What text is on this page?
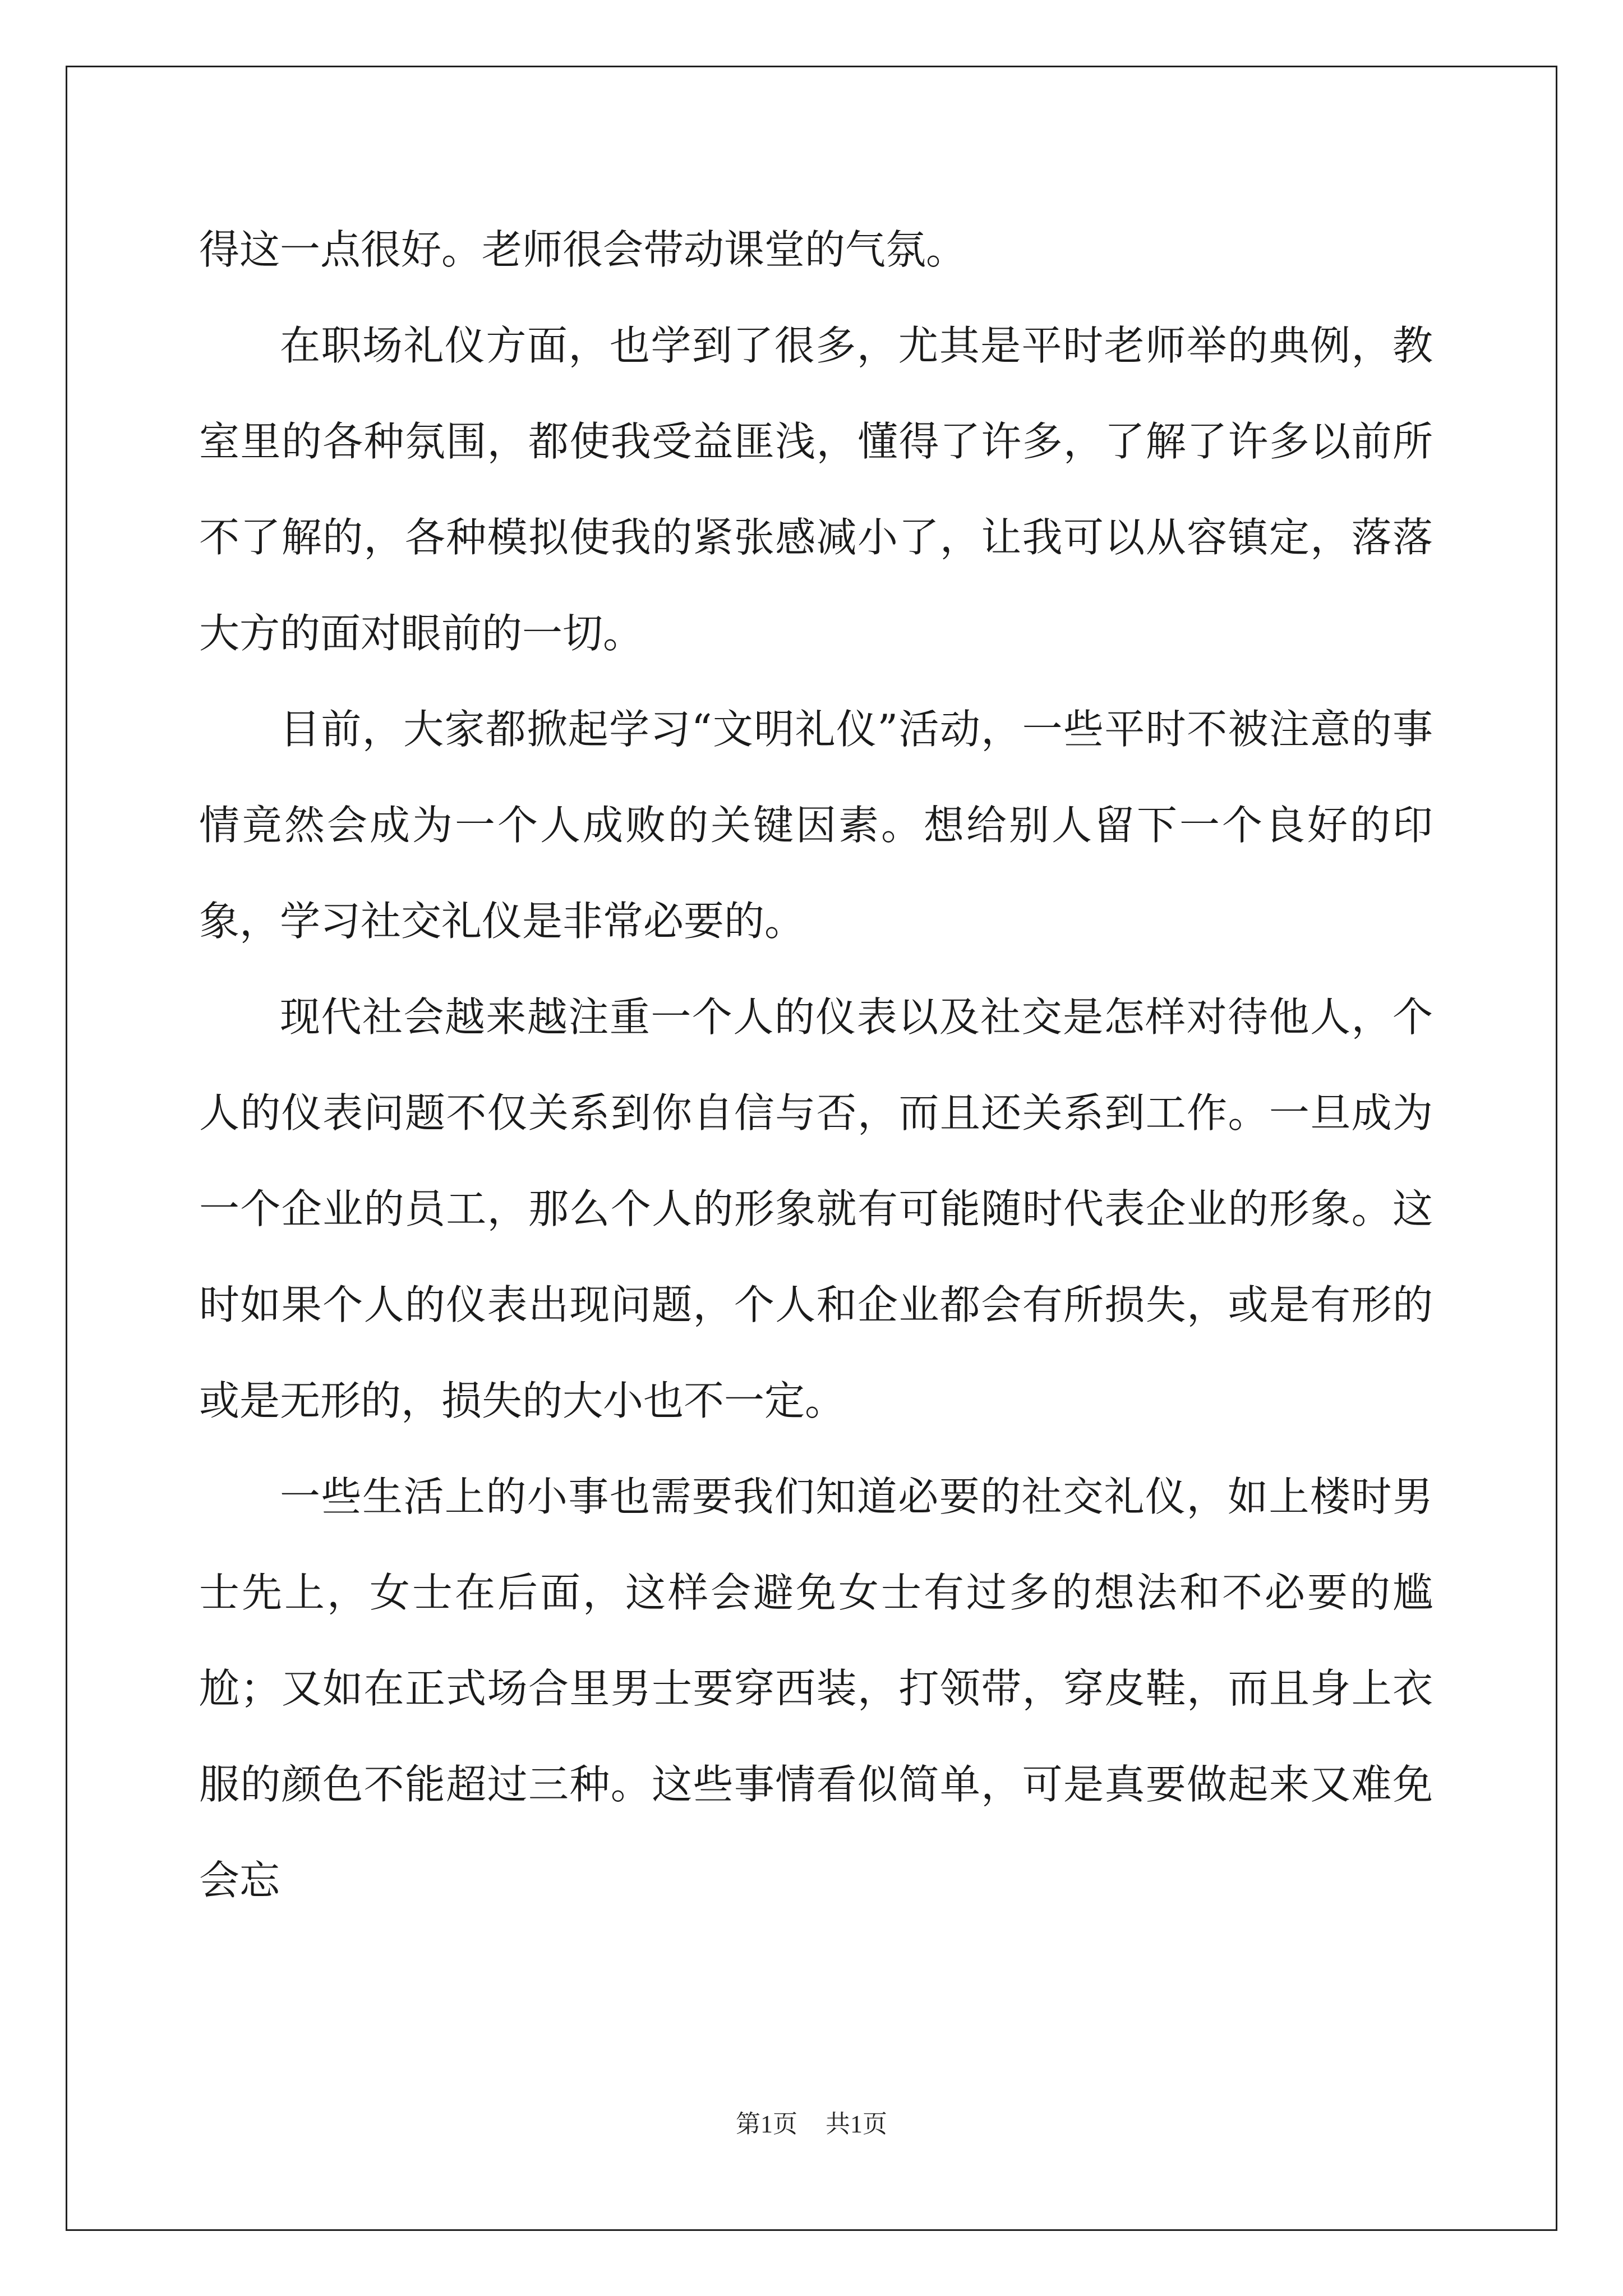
得这一点很好。老师很会带动课堂的气氛。

在职场礼仪方面，也学到了很多，尤其是平时老师举的典例，教室里的各种氛围，都使我受益匪浅，懂得了许多，了解了许多以前所不了解的，各种模拟使我的紧张感减小了，让我可以从容镇定，落落大方的面对眼前的一切。

目前，大家都掀起学习“文明礼仪”活动，一些平时不被注意的事情竟然会成为一个人成败的关键因素。想给别人留下一个良好的印象，学习社交礼仪是非常必要的。

现代社会越来越注重一个人的仪表以及社交是怎样对待他人，个人的仪表问题不仅关系到你自信与否，而且还关系到工作。一旦成为一个企业的员工，那么个人的形象就有可能随时代表企业的形象。这时如果个人的仪表出现问题，个人和企业都会有所损失，或是有形的或是无形的，损失的大小也不一定。

一些生活上的小事也需要我们知道必要的社交礼仪，如上楼时男士先上，女士在后面，这样会避免女士有过多的想法和不必要的尴尬；又如在正式场合里男士要穿西装，打领带，穿皮鞋，而且身上衣服的颜色不能超过三种。这些事情看似简单，可是真要做起来又难免会忘

第1页 共1页
